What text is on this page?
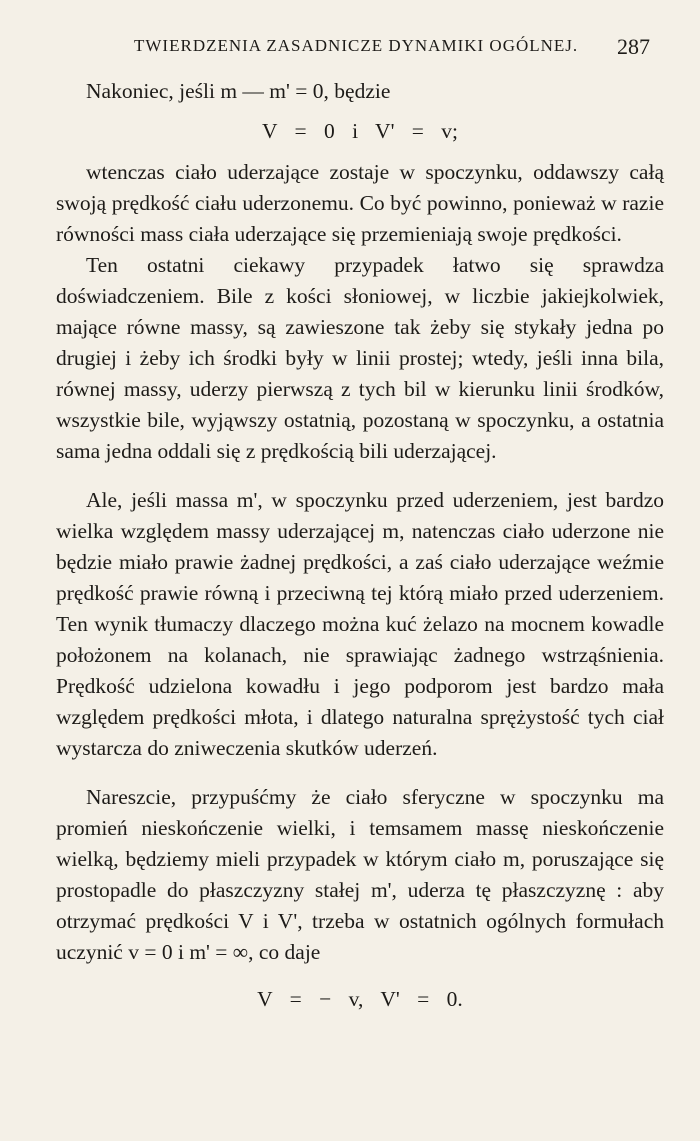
TWIERDZENIA ZASADNICZE DYNAMIKI OGÓLNEJ. 287

Nakoniec, jeśli m — m' = 0, będzie

V = 0 i V' = v;

wtenczas ciało uderzające zostaje w spoczynku, oddawszy całą swoją prędkość ciału uderzonemu. Co być powinno, ponieważ w razie równości mass ciała uderzające się przemieniają swoje prędkości.

Ten ostatni ciekawy przypadek łatwo się sprawdza doświadczeniem. Bile z kości słoniowej, w liczbie jakiejkolwiek, mające równe massy, są zawieszone tak żeby się stykały jedna po drugiej i żeby ich środki były w linii prostej; wtedy, jeśli inna bila, równej massy, uderzy pierwszą z tych bil w kierunku linii środków, wszystkie bile, wyjąwszy ostatnią, pozostaną w spoczynku, a ostatnia sama jedna oddali się z prędkością bili uderzającej.

Ale, jeśli massa m', w spoczynku przed uderzeniem, jest bardzo wielka względem massy uderzającej m, natenczas ciało uderzone nie będzie miało prawie żadnej prędkości, a zaś ciało uderzające weźmie prędkość prawie równą i przeciwną tej którą miało przed uderzeniem. Ten wynik tłumaczy dlaczego można kuć żelazo na mocnem kowadle położonem na kolanach, nie sprawiając żadnego wstrząśnienia. Prędkość udzielona kowadłu i jego podporom jest bardzo mała względem prędkości młota, i dlatego naturalna sprężystość tych ciał wystarcza do zniweczenia skutków uderzeń.

Nareszcie, przypuśćmy że ciało sferyczne w spoczynku ma promień nieskończenie wielki, i temsamem massę nieskończenie wielką, będziemy mieli przypadek w którym ciało m, poruszające się prostopadle do płaszczyzny stałej m', uderza tę płaszczyznę : aby otrzymać prędkości V i V', trzeba w ostatnich ogólnych formułach uczynić v = 0 i m' = ∞, co daje

V = − v, V' = 0.
